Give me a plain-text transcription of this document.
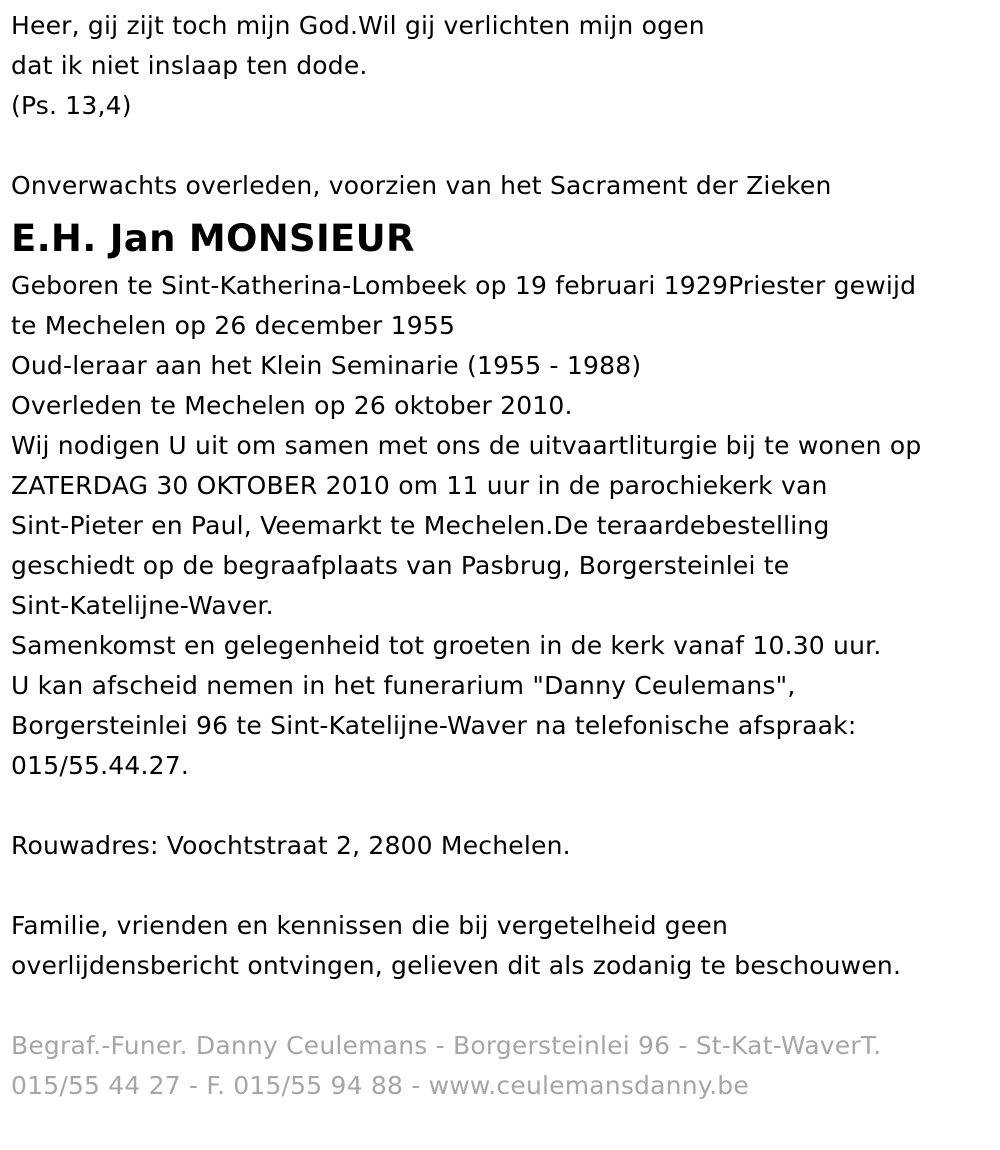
Heer, gij zijt toch mijn God.Wil gij verlichten mijn ogen
dat ik niet inslaap ten dode.
(Ps. 13,4)
Onverwachts overleden, voorzien van het Sacrament der Zieken
E.H. Jan MONSIEUR
Geboren te Sint-Katherina-Lombeek op 19 februari 1929Priester gewijd
te Mechelen op 26 december 1955
Oud-leraar aan het Klein Seminarie (1955 - 1988)
Overleden te Mechelen op 26 oktober 2010.
Wij nodigen U uit om samen met ons de uitvaartliturgie bij te wonen op
ZATERDAG 30 OKTOBER 2010 om 11 uur in de parochiekerk van
Sint-Pieter en Paul, Veemarkt te Mechelen.De teraardebestelling
geschiedt op de begraafplaats van Pasbrug, Borgersteinlei te
Sint-Katelijne-Waver.
Samenkomst en gelegenheid tot groeten in de kerk vanaf 10.30 uur.
U kan afscheid nemen in het funerarium "Danny Ceulemans",
Borgersteinlei 96 te Sint-Katelijne-Waver na telefonische afspraak:
015/55.44.27.
Rouwadres: Voochtstraat 2, 2800 Mechelen.
Familie, vrienden en kennissen die bij vergetelheid geen
overlijdensbericht ontvingen, gelieven dit als zodanig te beschouwen.
Begraf.-Funer. Danny Ceulemans - Borgersteinlei 96 - St-Kat-WaverT.
015/55 44 27 - F. 015/55 94 88 - www.ceulemansdanny.be
